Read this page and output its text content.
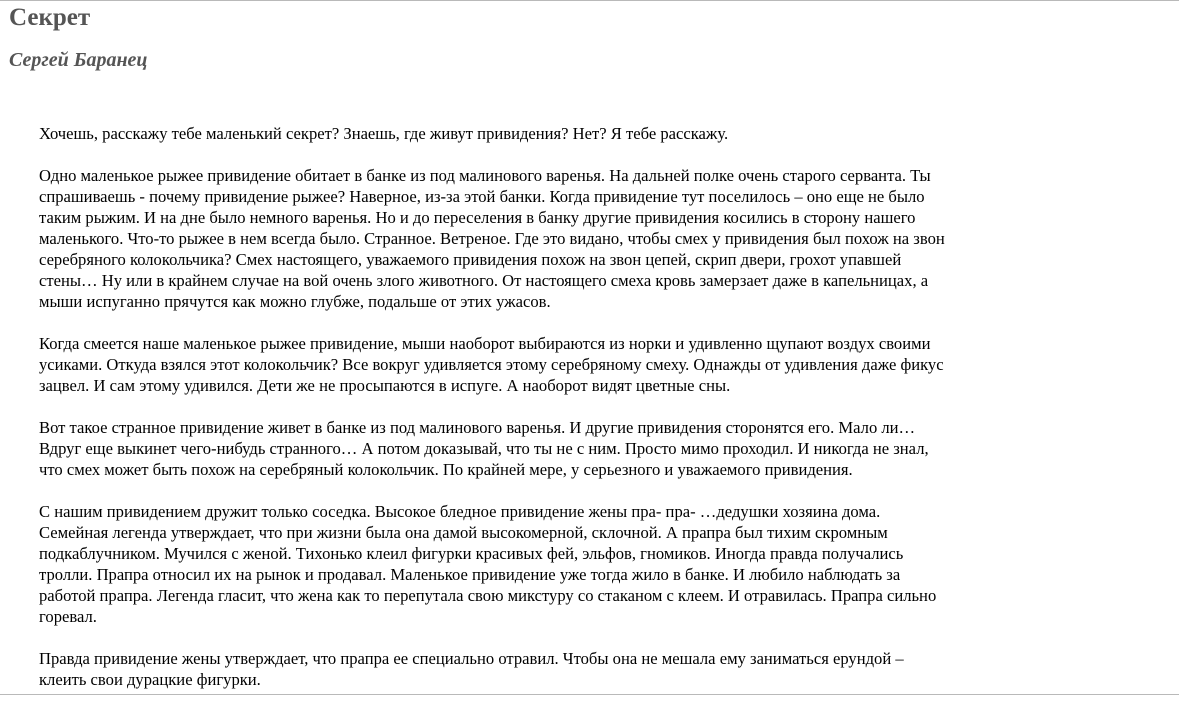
Секрет
Сергей Баранец

Хочешь, расскажу тебе маленький секрет? Знаешь, где живут привидения? Нет? Я тебе расскажу.

Одно маленькое рыжее привидение обитает в банке из под малинового варенья. На дальней полке очень старого серванта. Ты
спрашиваешь - почему привидение рыжее? Наверное, из-за этой банки. Когда привидение тут поселилось – оно еще не было
таким рыжим. И на дне было немного варенья. Но и до переселения в банку другие привидения косились в сторону нашего
маленького. Что-то рыжее в нем всегда было. Странное. Ветреное. Где это видано, чтобы смех у привидения был похож на звон
серебряного колокольчика? Смех настоящего, уважаемого привидения похож на звон цепей, скрип двери, грохот упавшей
стены… Ну или в крайнем случае на вой очень злого животного. От настоящего смеха кровь замерзает даже в капельницах, а
мыши испуганно прячутся как можно глубже, подальше от этих ужасов.

Когда смеется наше маленькое рыжее привидение, мыши наоборот выбираются из норки и удивленно щупают воздух своими
усиками. Откуда взялся этот колокольчик? Все вокруг удивляется этому серебряному смеху. Однажды от удивления даже фикус
зацвел. И сам этому удивился. Дети же не просыпаются в испуге. А наоборот видят цветные сны.

Вот такое странное привидение живет в банке из под малинового варенья. И другие привидения сторонятся его. Мало ли…
Вдруг еще выкинет чего-нибудь странного… А потом доказывай, что ты не с ним. Просто мимо проходил. И никогда не знал,
что смех может быть похож на серебряный колокольчик. По крайней мере, у серьезного и уважаемого привидения.

С нашим привидением дружит только соседка. Высокое бледное привидение жены пра- пра- …дедушки хозяина дома.
Семейная легенда утверждает, что при жизни была она дамой высокомерной, склочной. А прапра был тихим скромным
подкаблучником. Мучился с женой. Тихонько клеил фигурки красивых фей, эльфов, гномиков. Иногда правда получались
тролли. Прапра относил их на рынок и продавал. Маленькое привидение уже тогда жило в банке. И любило наблюдать за
работой прапра. Легенда гласит, что жена как то перепутала свою микстуру со стаканом с клеем. И отравилась. Прапра сильно
горевал.

Правда привидение жены утверждает, что прапра ее специально отравил. Чтобы она не мешала ему заниматься ерундой –
клеить свои дурацкие фигурки.
